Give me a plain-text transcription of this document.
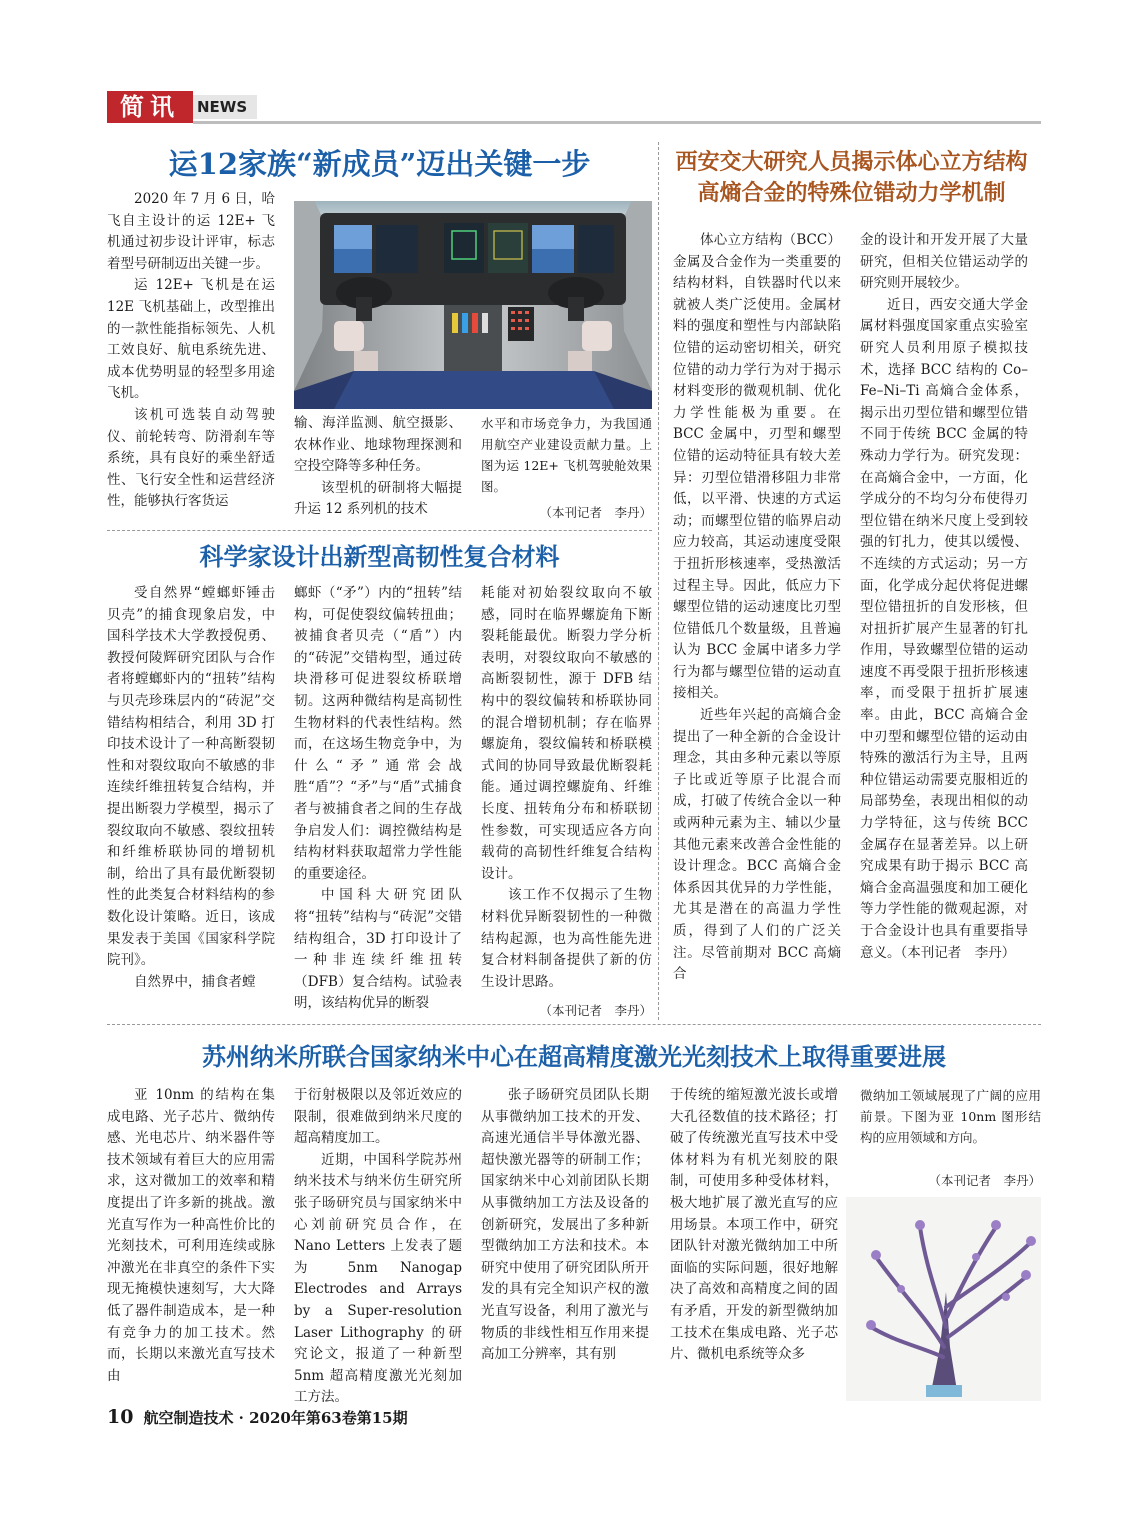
简讯	NEWS
运12家族“新成员”迈出关键一步

2020 年 7 月 6 日，哈飞自主设计的运 12E+ 飞机通过初步设计评审，标志着型号研制迈出关键一步。

运 12E+ 飞机是在运 12E 飞机基础上，改型推出的一款性能指标领先、人机工效良好、航电系统先进、成本优势明显的轻型多用途飞机。

该机可选装自动驾驶仪、前轮转弯、防滑刹车等系统，具有良好的乘坐舒适性、飞行安全性和运营经济性，能够执行客货运

输、海洋监测、航空摄影、农林作业、地球物理探测和空投空降等多种任务。

该型机的研制将大幅提升运 12 系列机的技术

水平和市场竞争力，为我国通用航空产业建设贡献力量。上图为运 12E+ 飞机驾驶舱效果图。

（本刊记者　李丹）
西安交大研究人员揭示体心立方结构
高熵合金的特殊位错动力学机制

体心立方结构（BCC）金属及合金作为一类重要的结构材料，自铁器时代以来就被人类广泛使用。金属材料的强度和塑性与内部缺陷位错的运动密切相关，研究位错的动力学行为对于揭示材料变形的微观机制、优化力学性能极为重要。在 BCC 金属中，刃型和螺型位错的运动特征具有较大差异：刃型位错滑移阻力非常低，以平滑、快速的方式运动；而螺型位错的临界启动应力较高，其运动速度受限于扭折形核速率，受热激活过程主导。因此，低应力下螺型位错的运动速度比刃型位错低几个数量级，且普遍认为 BCC 金属中诸多力学行为都与螺型位错的运动直接相关。

近些年兴起的高熵合金提出了一种全新的合金设计理念，其由多种元素以等原子比或近等原子比混合而成，打破了传统合金以一种或两种元素为主、辅以少量其他元素来改善合金性能的设计理念。BCC 高熵合金体系因其优异的力学性能，尤其是潜在的高温力学性质，得到了人们的广泛关注。尽管前期对 BCC 高熵合

金的设计和开发开展了大量研究，但相关位错运动学的研究则开展较少。

近日，西安交通大学金属材料强度国家重点实验室研究人员利用原子模拟技术，选择 BCC 结构的 Co–Fe–Ni–Ti 高熵合金体系，揭示出刃型位错和螺型位错不同于传统 BCC 金属的特殊动力学行为。研究发现：在高熵合金中，一方面，化学成分的不均匀分布使得刃型位错在纳米尺度上受到较强的钉扎力，使其以缓慢、不连续的方式运动；另一方面，化学成分起伏将促进螺型位错扭折的自发形核，但对扭折扩展产生显著的钉扎作用，导致螺型位错的运动速度不再受限于扭折形核速率，而受限于扭折扩展速率。由此，BCC 高熵合金中刃型和螺型位错的运动由特殊的激活行为主导，且两种位错运动需要克服相近的局部势垒，表现出相似的动力学特征，这与传统 BCC 金属存在显著差异。以上研究成果有助于揭示 BCC 高熵合金高温强度和加工硬化等力学性能的微观起源，对于合金设计也具有重要指导意义。（本刊记者　李丹）

科学家设计出新型高韧性复合材料

受自然界“螳螂虾锤击贝壳”的捕食现象启发，中国科学技术大学教授倪勇、教授何陵辉研究团队与合作者将螳螂虾内的“扭转”结构与贝壳珍珠层内的“砖泥”交错结构相结合，利用 3D 打印技术设计了一种高断裂韧性和对裂纹取向不敏感的非连续纤维扭转复合结构，并提出断裂力学模型，揭示了裂纹取向不敏感、裂纹扭转和纤维桥联协同的增韧机制，给出了具有最优断裂韧性的此类复合材料结构的参数化设计策略。近日，该成果发表于美国《国家科学院院刊》。

自然界中，捕食者螳

螂虾（“矛”）内的“扭转”结构，可促使裂纹偏转扭曲；被捕食者贝壳（“盾”）内的“砖泥”交错构型，通过砖块滑移可促进裂纹桥联增韧。这两种微结构是高韧性生物材料的代表性结构。然而，在这场生物竞争中，为什么“矛”通常会战胜“盾”？“矛”与“盾”式捕食者与被捕食者之间的生存战争启发人们：调控微结构是结构材料获取超常力学性能的重要途径。

中国科大研究团队将“扭转”结构与“砖泥”交错结构组合，3D 打印设计了一种非连续纤维扭转（DFB）复合结构。试验表明，该结构优异的断裂

耗能对初始裂纹取向不敏感，同时在临界螺旋角下断裂耗能最优。断裂力学分析表明，对裂纹取向不敏感的高断裂韧性，源于 DFB 结构中的裂纹偏转和桥联协同的混合增韧机制；存在临界螺旋角，裂纹偏转和桥联模式间的协同导致最优断裂耗能。通过调控螺旋角、纤维长度、扭转角分布和桥联韧性参数，可实现适应各方向载荷的高韧性纤维复合结构设计。

该工作不仅揭示了生物材料优异断裂韧性的一种微结构起源，也为高性能先进复合材料制备提供了新的仿生设计思路。

（本刊记者　李丹）
苏州纳米所联合国家纳米中心在超高精度激光光刻技术上取得重要进展

亚 10nm 的结构在集成电路、光子芯片、微纳传感、光电芯片、纳米器件等技术领域有着巨大的应用需求，这对微加工的效率和精度提出了许多新的挑战。激光直写作为一种高性价比的光刻技术，可利用连续或脉冲激光在非真空的条件下实现无掩模快速刻写，大大降低了器件制造成本，是一种有竞争力的加工技术。然而，长期以来激光直写技术由

于衍射极限以及邻近效应的限制，很难做到纳米尺度的超高精度加工。

近期，中国科学院苏州纳米技术与纳米仿生研究所张子旸研究员与国家纳米中心刘前研究员合作，在 Nano Letters 上发表了题为 5nm Nanogap Electrodes and Arrays by a Super-resolution Laser Lithography 的研究论文，报道了一种新型 5nm 超高精度激光光刻加工方法。

张子旸研究员团队长期从事微纳加工技术的开发、高速光通信半导体激光器、超快激光器等的研制工作；国家纳米中心刘前团队长期从事微纳加工方法及设备的创新研究，发展出了多种新型微纳加工方法和技术。本研究中使用了研究团队所开发的具有完全知识产权的激光直写设备，利用了激光与物质的非线性相互作用来提高加工分辨率，其有别

于传统的缩短激光波长或增大孔径数值的技术路径；打破了传统激光直写技术中受体材料为有机光刻胶的限制，可使用多种受体材料，极大地扩展了激光直写的应用场景。本项工作中，研究团队针对激光微纳加工中所面临的实际问题，很好地解决了高效和高精度之间的固有矛盾，开发的新型微纳加工技术在集成电路、光子芯片、微机电系统等众多

微纳加工领域展现了广阔的应用前景。下图为亚 10nm 图形结构的应用领域和方向。

（本刊记者　李丹）
10 航空制造技术 · 2020年第63卷第15期
